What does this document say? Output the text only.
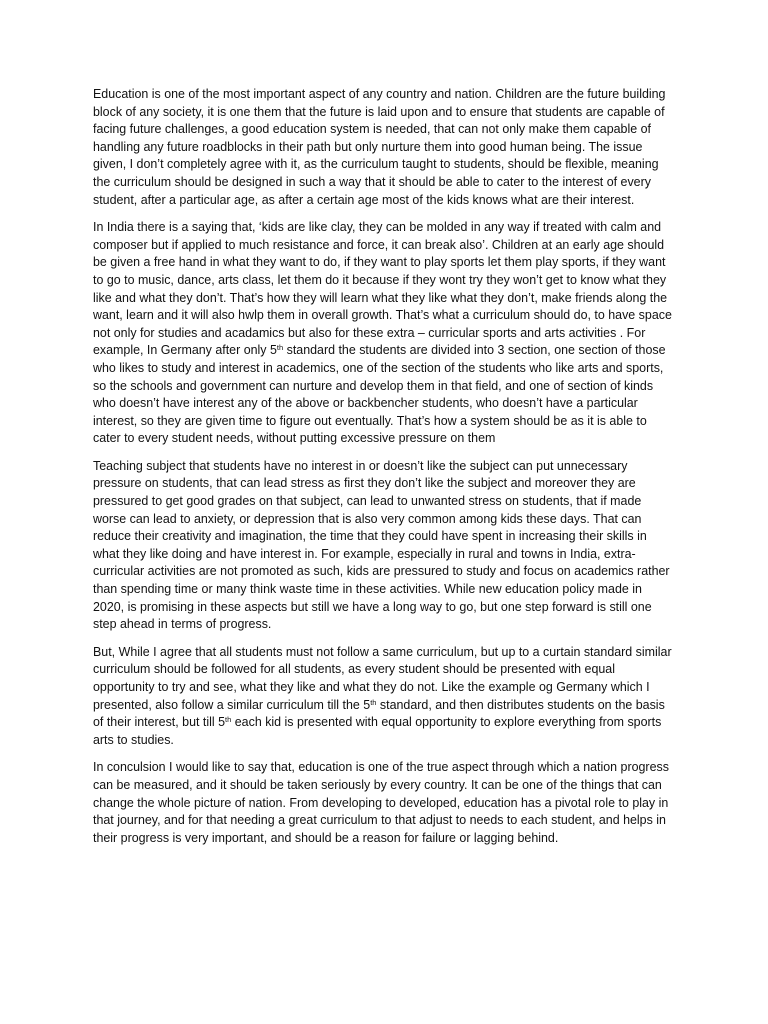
Education is one of the most important aspect of any country and nation. Children are the future building block of any society, it is one them that the future is laid upon and to ensure that students are capable of facing future challenges, a good education system is needed, that can not only make them capable of handling any future roadblocks in their path but only nurture them into good human being. The issue given, I don’t completely agree with it, as the curriculum taught to students, should be flexible, meaning the curriculum should be designed in such a way that it should be able to cater to the interest of every student, after a particular age, as after a certain age most of the kids knows what are their interest.

In India there is a saying that, ‘kids are like clay, they can be molded in any way if treated with calm and composer but if applied to much resistance and force, it can break also’. Children at an early age should be given a free hand in what they want to do, if they want to play sports let them play sports, if they want to go to music, dance, arts class, let them do it because if they wont try they won’t get to know what they like and what they don’t. That’s how they will learn what they like what they don’t, make friends along the want, learn and it will also hwlp them in overall growth. That’s what a curriculum should do, to have space not only for studies and acadamics but also for these extra – curricular sports and arts activities . For example, In Germany after only 5th standard the students are divided into 3 section, one section of those who likes to study and interest in academics, one of the section of the students who like arts and sports, so the schools and government can nurture and develop them in that field, and one of section of kinds who doesn’t have interest any of the above or backbencher students, who doesn’t have a particular interest, so they are given time to figure out eventually. That’s how a system should be as it is able to cater to every student needs, without putting excessive pressure on them

Teaching subject that students have no interest in or doesn’t like the subject can put unnecessary pressure on students, that can lead stress as first they don’t like the subject and moreover they are pressured to get good grades on that subject, can lead to unwanted stress on students, that if made worse can lead to anxiety, or depression that is also very common among kids these days. That can reduce their creativity and imagination, the time that they could have spent in increasing their skills in what they like doing and have interest in. For example, especially in rural and towns in India, extra-curricular activities are not promoted as such, kids are pressured to study and focus on academics rather than spending time or many think waste time in these activities. While new education policy made in 2020, is promising in these aspects but still we have a long way to go, but one step forward is still one step ahead in terms of progress.

But, While I agree that all students must not follow a same curriculum, but up to a curtain standard similar curriculum should be followed for all students, as every student should be presented with equal opportunity to try and see, what they like and what they do not. Like the example og Germany which I presented, also follow a similar curriculum till the 5th standard, and then distributes students on the basis of their interest, but till 5th each kid is presented with equal opportunity to explore everything from sports arts to studies.

In conculsion I would like to say that, education is one of the true aspect through which a nation progress can be measured, and it should be taken seriously by every country. It can be one of the things that can change the whole picture of nation. From developing to developed, education has a pivotal role to play in that journey, and for that needing a great curriculum to that adjust to needs to each student, and helps in their progress is very important, and should be a reason for failure or lagging behind.
